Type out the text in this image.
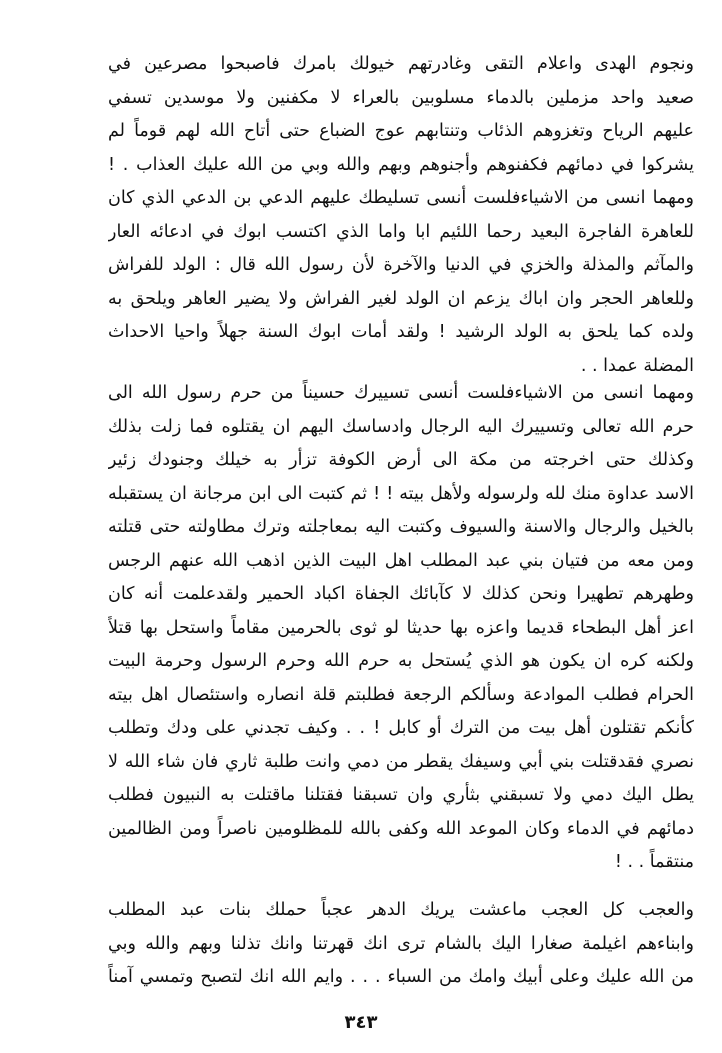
ونجوم الهدى واعلام التقى وغادرتهم خيولك بامرك فاصبحوا مصرعين في
صعيد واحد مزملين بالدماء مسلوبين بالعراء لا مكفنين ولا موسدين تسفي
عليهم الرياح وتغزوهم الذئاب وتنتابهم عوج الضباع حتى أتاح الله لهم قوماً لم
يشركوا في دمائهم فكفنوهم وأجنوهم وبهم والله وبي من الله عليك العذاب . !
ومهما انسى من الاشياءفلست أنسى تسليطك عليهم الدعي بن الدعي الذي كان
للعاهرة الفاجرة البعيد رحما اللئيم ابا واما الذي اكتسب ابوك في ادعائه العار
والمآثم والمذلة والخزي في الدنيا والآخرة لأن رسول الله قال : الولد للفراش
وللعاهر الحجر وان اباك يزعم ان الولد لغير الفراش ولا يضير العاهر ويلحق به
ولده كما يلحق به الولد الرشيد ! ولقد أمات ابوك السنة جهلاً واحيا الاحداث
المضلة عمدا . .
ومهما انسى من الاشياءفلست أنسى تسييرك حسيناً من حرم رسول الله الى
حرم الله تعالى وتسييرك اليه الرجال وادساسك اليهم ان يقتلوه فما زلت بذلك
وكذلك حتى اخرجته من مكة الى أرض الكوفة تزأر به خيلك وجنودك زئير
الاسد عداوة منك لله ولرسوله ولأهل بيته ! ! ثم كتبت الى ابن مرجانة ان يستقبله
بالخيل والرجال والاسنة والسيوف وكتبت اليه بمعاجلته وترك مطاولته حتى قتلته
ومن معه من فتيان بني عبد المطلب اهل البيت الذين اذهب الله عنهم الرجس
وطهرهم تطهيرا ونحن كذلك لا كآبائك الجفاة اكباد الحمير ولقدعلمت أنه كان
اعز أهل البطحاء قديما واعزه بها حديثا لو ثوى بالحرمين مقاماً واستحل بها قتلاً
ولكنه كره ان يكون هو الذي يُستحل به حرم الله وحرم الرسول وحرمة البيت
الحرام فطلب الموادعة وسألكم الرجعة فطلبتم قلة انصاره واستئصال اهل بيته
كأنكم تقتلون أهل بيت من الترك أو كابل ! . . وكيف تجدني على ودك وتطلب
نصري فقدقتلت بني أبي وسيفك يقطر من دمي وانت طلبة ثاري فان شاء الله لا
يطل اليك دمي ولا تسبقني بثأري وان تسبقنا فقتلنا ماقتلت به النبيون فطلب
دمائهم في الدماء وكان الموعد الله وكفى بالله للمظلومين ناصراً ومن الظالمين
منتقماً . . !
والعجب كل العجب ماعشت يريك الدهر عجباً حملك بنات عبد المطلب
وابناءهم اغيلمة صغارا اليك بالشام ترى انك قهرتنا وانك تذلنا وبهم والله وبي
من الله عليك وعلى أبيك وامك من السباء . . . وايم الله انك لتصبح وتمسي آمناً
٣٤٣
